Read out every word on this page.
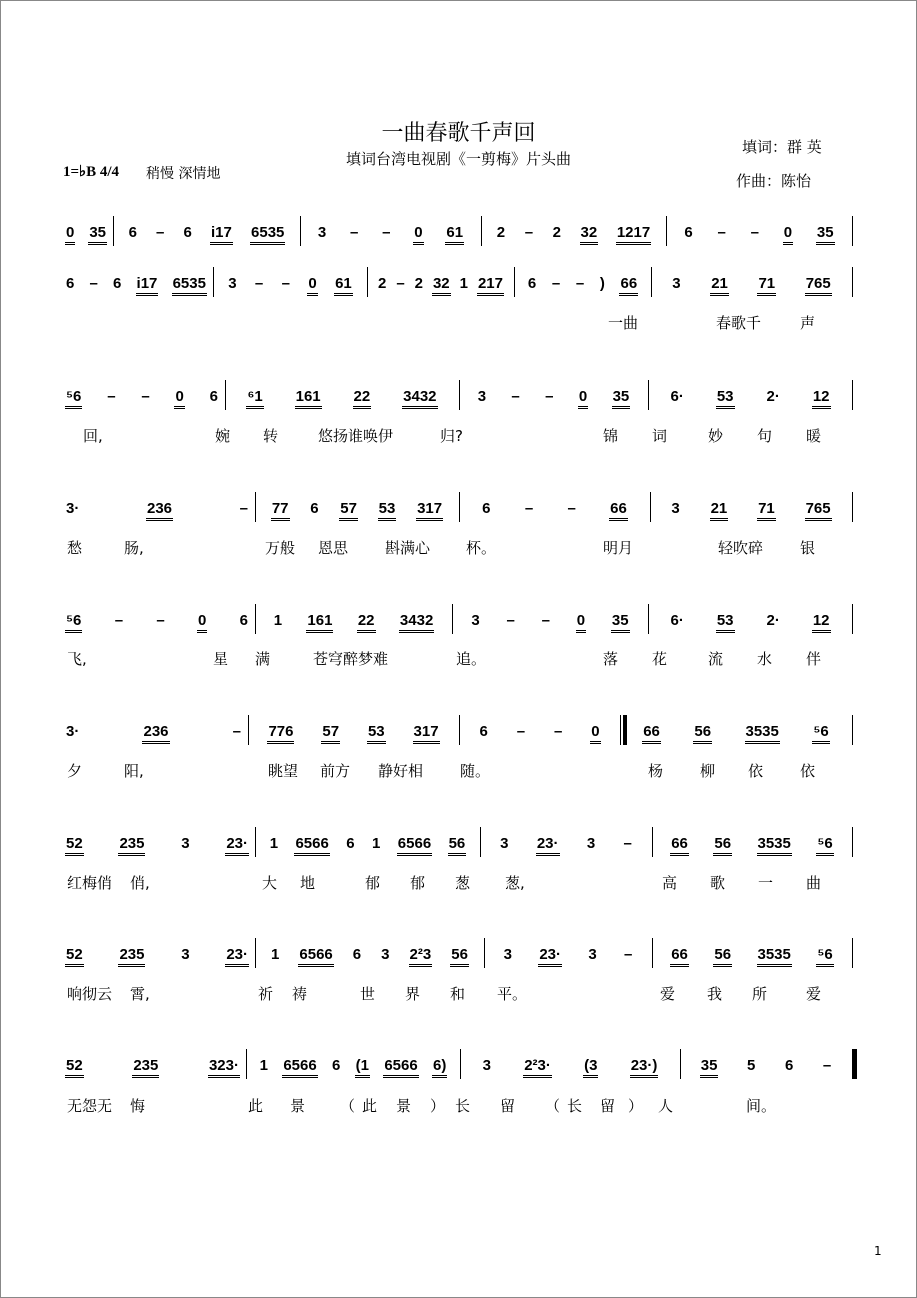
一曲春歌千声回
填词台湾电视剧《一剪梅》片头曲
填词：群 英
作曲：陈怡
1=♭B 4/4 稍慢 深情地
0 35 6 – 6 i17 6535 3 – – 0 61 2 – 2 32 1217 6 – – 0 35
6 – 6 i17 6535 3 – – 0 61 2 – 2 32 1 217 6 – – ) 66 3 21 71 765
一曲	春歌千	声
⁵6 – – 0 6 ⁶1 161 22 3432	3 – – 0 35	6· 53 2· 12
回,	婉 转	悠扬谁唤伊	归?	锦 词	妙 句 暖
3·	236	– 77 6 57 53 317	6 – – 66	3 21 71 765
愁	肠,	万般 恩思 斟满心 杯。	明月	轻吹碎 银
⁵6 – – 0 6 1 161 22 3432	3 – – 0 35	6· 53 2· 12
飞,	星 满	苍穹醉梦难	追。	落 花	流 水 伴
3·	236	– 776 57 53 317	6 – – 0	66 56 3535 ⁵6
夕	阳,	眺望 前方 静好相 随。	杨 柳 依 依
52 235 3 23· 1 6566 6 1 6566 56 3 23· 3 –	66 56 3535 ⁵6
红梅俏 俏,	大 地	郁 郁 葱 葱,	高 歌 一 曲
52 235 3 23· 1 6566 6 3 2²3 56 3 23· 3 –	66 56 3535 ⁵6
响彻云 霄,	祈 祷	世 界 和 平。	爱 我 所	爱
52	235	323· 1 6566 6 (1 6566 6) 3 2²3· (3 23·)	35 5 6 –
无怨无 悔	此 景 （ 此 景 ） 长 留 （ 长 留 ） 人	间。
1
